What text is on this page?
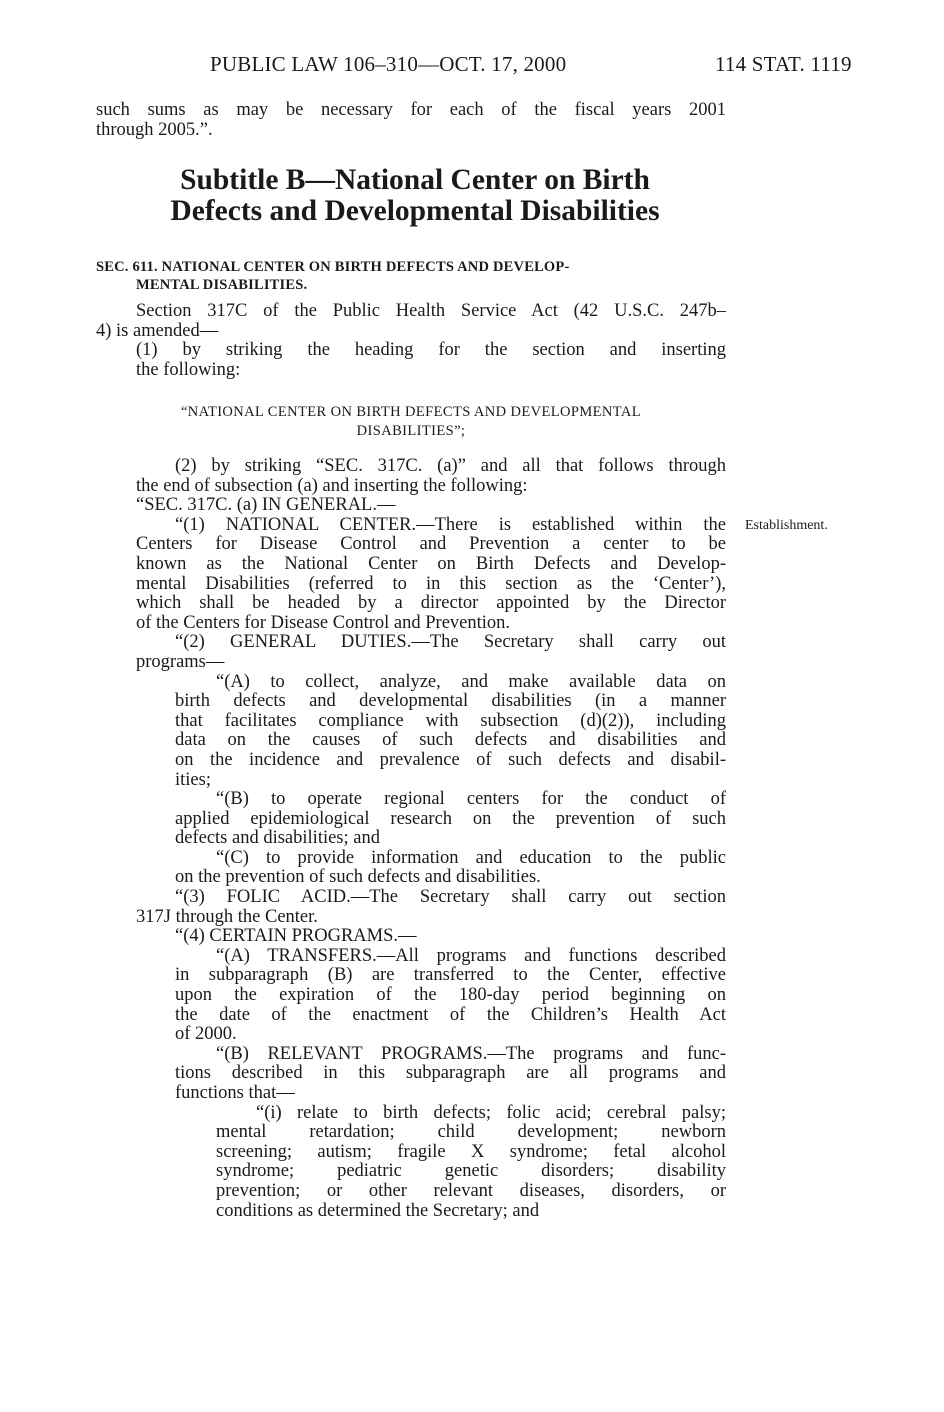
PUBLIC LAW 106–310—OCT. 17, 2000	114 STAT. 1119
such sums as may be necessary for each of the fiscal years 2001
through 2005.”.
Subtitle B—National Center on Birth
Defects and Developmental Disabilities
SEC. 611. NATIONAL CENTER ON BIRTH DEFECTS AND DEVELOP-
MENTAL DISABILITIES.
Section 317C of the Public Health Service Act (42 U.S.C. 247b–
4) is amended—
(1) by striking the heading for the section and inserting
the following:
“NATIONAL CENTER ON BIRTH DEFECTS AND DEVELOPMENTAL
DISABILITIES”;
(2) by striking “SEC. 317C. (a)” and all that follows through
the end of subsection (a) and inserting the following:
“SEC. 317C. (a) IN GENERAL.—
“(1) NATIONAL CENTER.—There is established within the
Centers for Disease Control and Prevention a center to be
known as the National Center on Birth Defects and Develop-
mental Disabilities (referred to in this section as the ‘Center’),
which shall be headed by a director appointed by the Director
of the Centers for Disease Control and Prevention.
“(2) GENERAL DUTIES.—The Secretary shall carry out
programs—
“(A) to collect, analyze, and make available data on
birth defects and developmental disabilities (in a manner
that facilitates compliance with subsection (d)(2)), including
data on the causes of such defects and disabilities and
on the incidence and prevalence of such defects and disabil-
ities;
“(B) to operate regional centers for the conduct of
applied epidemiological research on the prevention of such
defects and disabilities; and
“(C) to provide information and education to the public
on the prevention of such defects and disabilities.
“(3) FOLIC ACID.—The Secretary shall carry out section
317J through the Center.
“(4) CERTAIN PROGRAMS.—
“(A) TRANSFERS.—All programs and functions described
in subparagraph (B) are transferred to the Center, effective
upon the expiration of the 180-day period beginning on
the date of the enactment of the Children’s Health Act
of 2000.
“(B) RELEVANT PROGRAMS.—The programs and func-
tions described in this subparagraph are all programs and
functions that—
“(i) relate to birth defects; folic acid; cerebral palsy;
mental retardation; child development; newborn
screening; autism; fragile X syndrome; fetal alcohol
syndrome; pediatric genetic disorders; disability
prevention; or other relevant diseases, disorders, or
conditions as determined the Secretary; and
Establishment.
